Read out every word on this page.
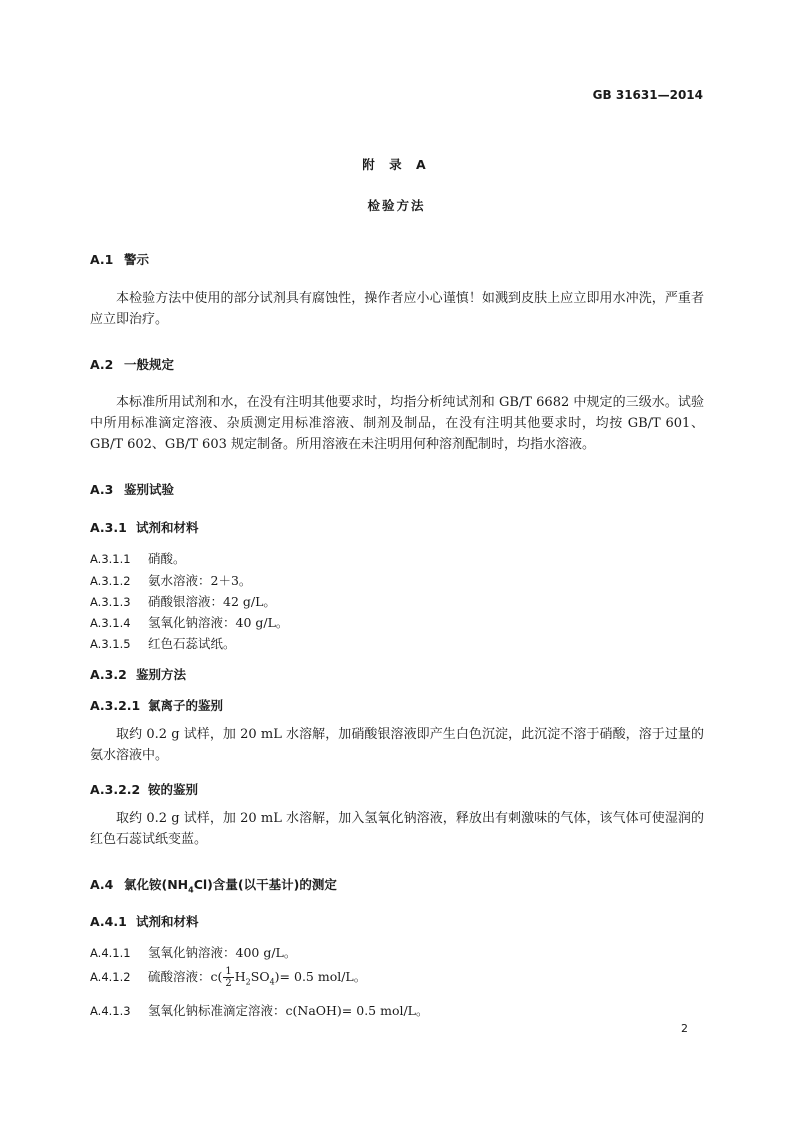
GB 31631—2014
附 录 A
检验方法
A.1 警示
本检验方法中使用的部分试剂具有腐蚀性，操作者应小心谨慎！如溅到皮肤上应立即用水冲洗，严重者应立即治疗。
A.2 一般规定
本标准所用试剂和水，在没有注明其他要求时，均指分析纯试剂和 GB/T 6682 中规定的三级水。试验中所用标准滴定溶液、杂质测定用标准溶液、制剂及制品，在没有注明其他要求时，均按 GB/T 601、GB/T 602、GB/T 603 规定制备。所用溶液在未注明用何种溶剂配制时，均指水溶液。
A.3 鉴别试验
A.3.1 试剂和材料
A.3.1.1 硝酸。
A.3.1.2 氨水溶液：2＋3。
A.3.1.3 硝酸银溶液：42 g/L。
A.3.1.4 氢氧化钠溶液：40 g/L。
A.3.1.5 红色石蕊试纸。
A.3.2 鉴别方法
A.3.2.1 氯离子的鉴别
取约 0.2 g 试样，加 20 mL 水溶解，加硝酸银溶液即产生白色沉淀，此沉淀不溶于硝酸，溶于过量的氨水溶液中。
A.3.2.2 铵的鉴别
取约 0.2 g 试样，加 20 mL 水溶解，加入氢氧化钠溶液，释放出有刺激味的气体，该气体可使湿润的红色石蕊试纸变蓝。
A.4 氯化铵$(NH_4Cl)$含量(以干基计)的测定
A.4.1 试剂和材料
A.4.1.1 氢氧化钠溶液：400 g/L。
A.4.1.2 硫酸溶液：$c( \frac{1}{2} H_2SO_4)= 0.5$ mol/L。
A.4.1.3 氢氧化钠标准滴定溶液：c(NaOH)= 0.5 mol/L。
2
